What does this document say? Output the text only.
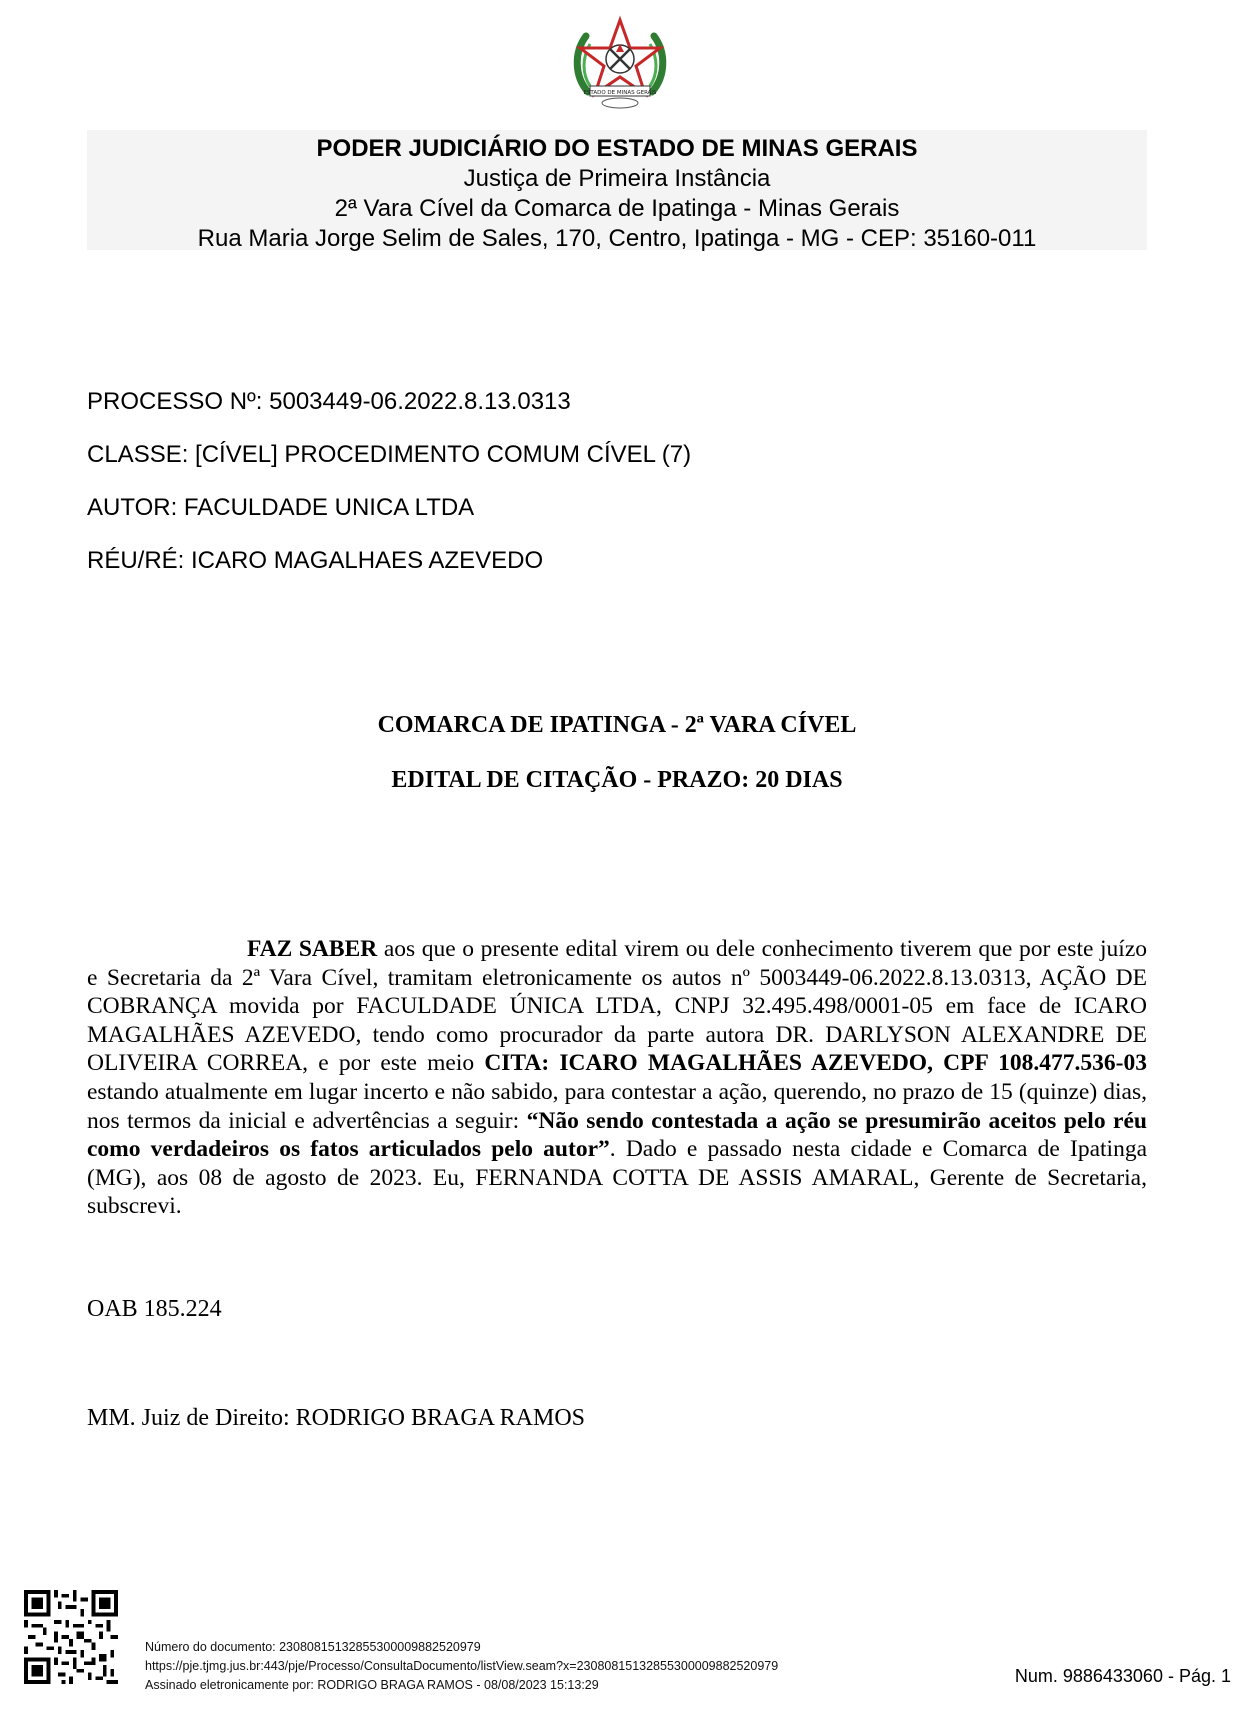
ESTADO DE MINAS GERAIS
PODER JUDICIÁRIO DO ESTADO DE MINAS GERAIS
Justiça de Primeira Instância
2ª Vara Cível da Comarca de Ipatinga - Minas Gerais
Rua Maria Jorge Selim de Sales, 170, Centro, Ipatinga - MG - CEP: 35160-011
PROCESSO Nº: 5003449-06.2022.8.13.0313
CLASSE: [CÍVEL] PROCEDIMENTO COMUM CÍVEL (7)
AUTOR: FACULDADE UNICA LTDA
RÉU/RÉ: ICARO MAGALHAES AZEVEDO
COMARCA DE IPATINGA - 2ª VARA CÍVEL
EDITAL DE CITAÇÃO - PRAZO: 20 DIAS
FAZ SABER aos que o presente edital virem ou dele conhecimento tiverem que por este juízo e Secretaria da 2ª Vara Cível, tramitam eletronicamente os autos nº 5003449-06.2022.8.13.0313, AÇÃO DE COBRANÇA movida por FACULDADE ÚNICA LTDA, CNPJ 32.495.498/0001-05 em face de ICARO MAGALHÃES AZEVEDO, tendo como procurador da parte autora DR. DARLYSON ALEXANDRE DE OLIVEIRA CORREA, e por este meio CITA: ICARO MAGALHÃES AZEVEDO, CPF 108.477.536-03 estando atualmente em lugar incerto e não sabido, para contestar a ação, querendo, no prazo de 15 (quinze) dias, nos termos da inicial e advertências a seguir: “Não sendo contestada a ação se presumirão aceitos pelo réu como verdadeiros os fatos articulados pelo autor”. Dado e passado nesta cidade e Comarca de Ipatinga (MG), aos 08 de agosto de 2023. Eu, FERNANDA COTTA DE ASSIS AMARAL, Gerente de Secretaria, subscrevi.
OAB 185.224
MM. Juiz de Direito: RODRIGO BRAGA RAMOS
Número do documento: 23080815132855300009882520979
https://pje.tjmg.jus.br:443/pje/Processo/ConsultaDocumento/listView.seam?x=23080815132855300009882520979
Assinado eletronicamente por: RODRIGO BRAGA RAMOS - 08/08/2023 15:13:29	Num. 9886433060 - Pág. 1
